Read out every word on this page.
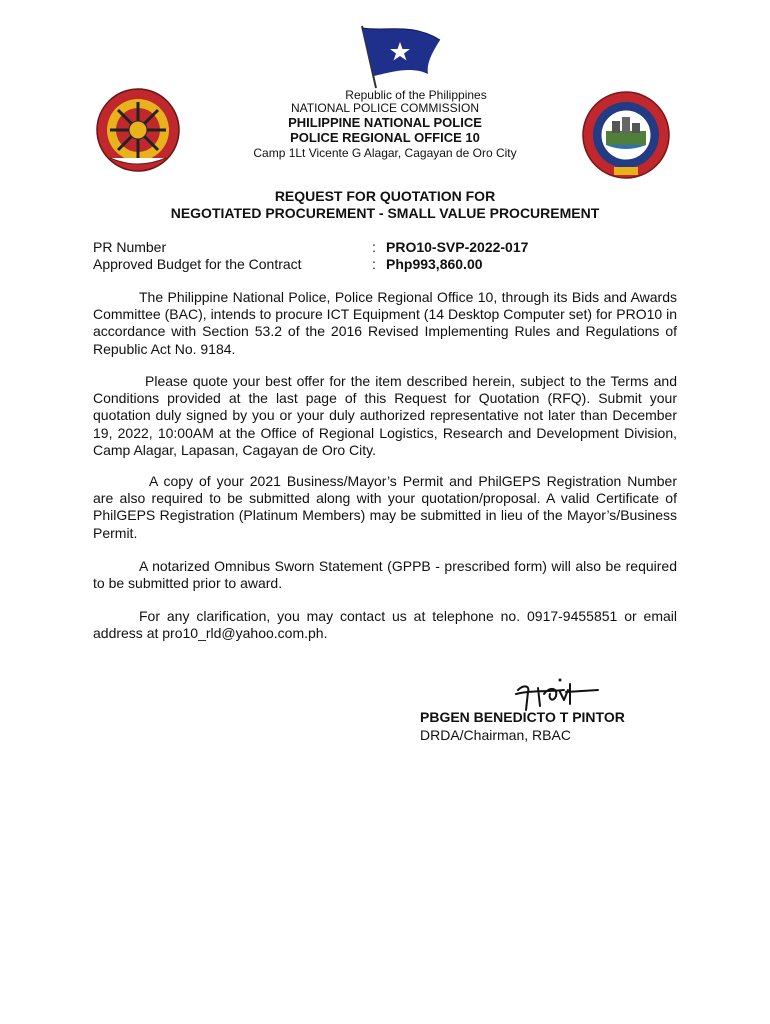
Republic of the Philippines
NATIONAL POLICE COMMISSION
PHILIPPINE NATIONAL POLICE
POLICE REGIONAL OFFICE 10
Camp 1Lt Vicente G Alagar, Cagayan de Oro City
REQUEST FOR QUOTATION FOR
NEGOTIATED PROCUREMENT - SMALL VALUE PROCUREMENT
PR Number	: PRO10-SVP-2022-017
Approved Budget for the Contract	: Php993,860.00

The Philippine National Police, Police Regional Office 10, through its Bids and Awards Committee (BAC), intends to procure ICT Equipment (14 Desktop Computer set) for PRO10 in accordance with Section 53.2 of the 2016 Revised Implementing Rules and Regulations of Republic Act No. 9184.

Please quote your best offer for the item described herein, subject to the Terms and Conditions provided at the last page of this Request for Quotation (RFQ). Submit your quotation duly signed by you or your duly authorized representative not later than December 19, 2022, 10:00AM at the Office of Regional Logistics, Research and Development Division, Camp Alagar, Lapasan, Cagayan de Oro City.

A copy of your 2021 Business/Mayor’s Permit and PhilGEPS Registration Number are also required to be submitted along with your quotation/proposal. A valid Certificate of PhilGEPS Registration (Platinum Members) may be submitted in lieu of the Mayor’s/Business Permit.

A notarized Omnibus Sworn Statement (GPPB - prescribed form) will also be required to be submitted prior to award.

For any clarification, you may contact us at telephone no. 0917-9455851 or email address at pro10_rld@yahoo.com.ph.

PBGEN BENEDICTO T PINTOR
DRDA/Chairman, RBAC
